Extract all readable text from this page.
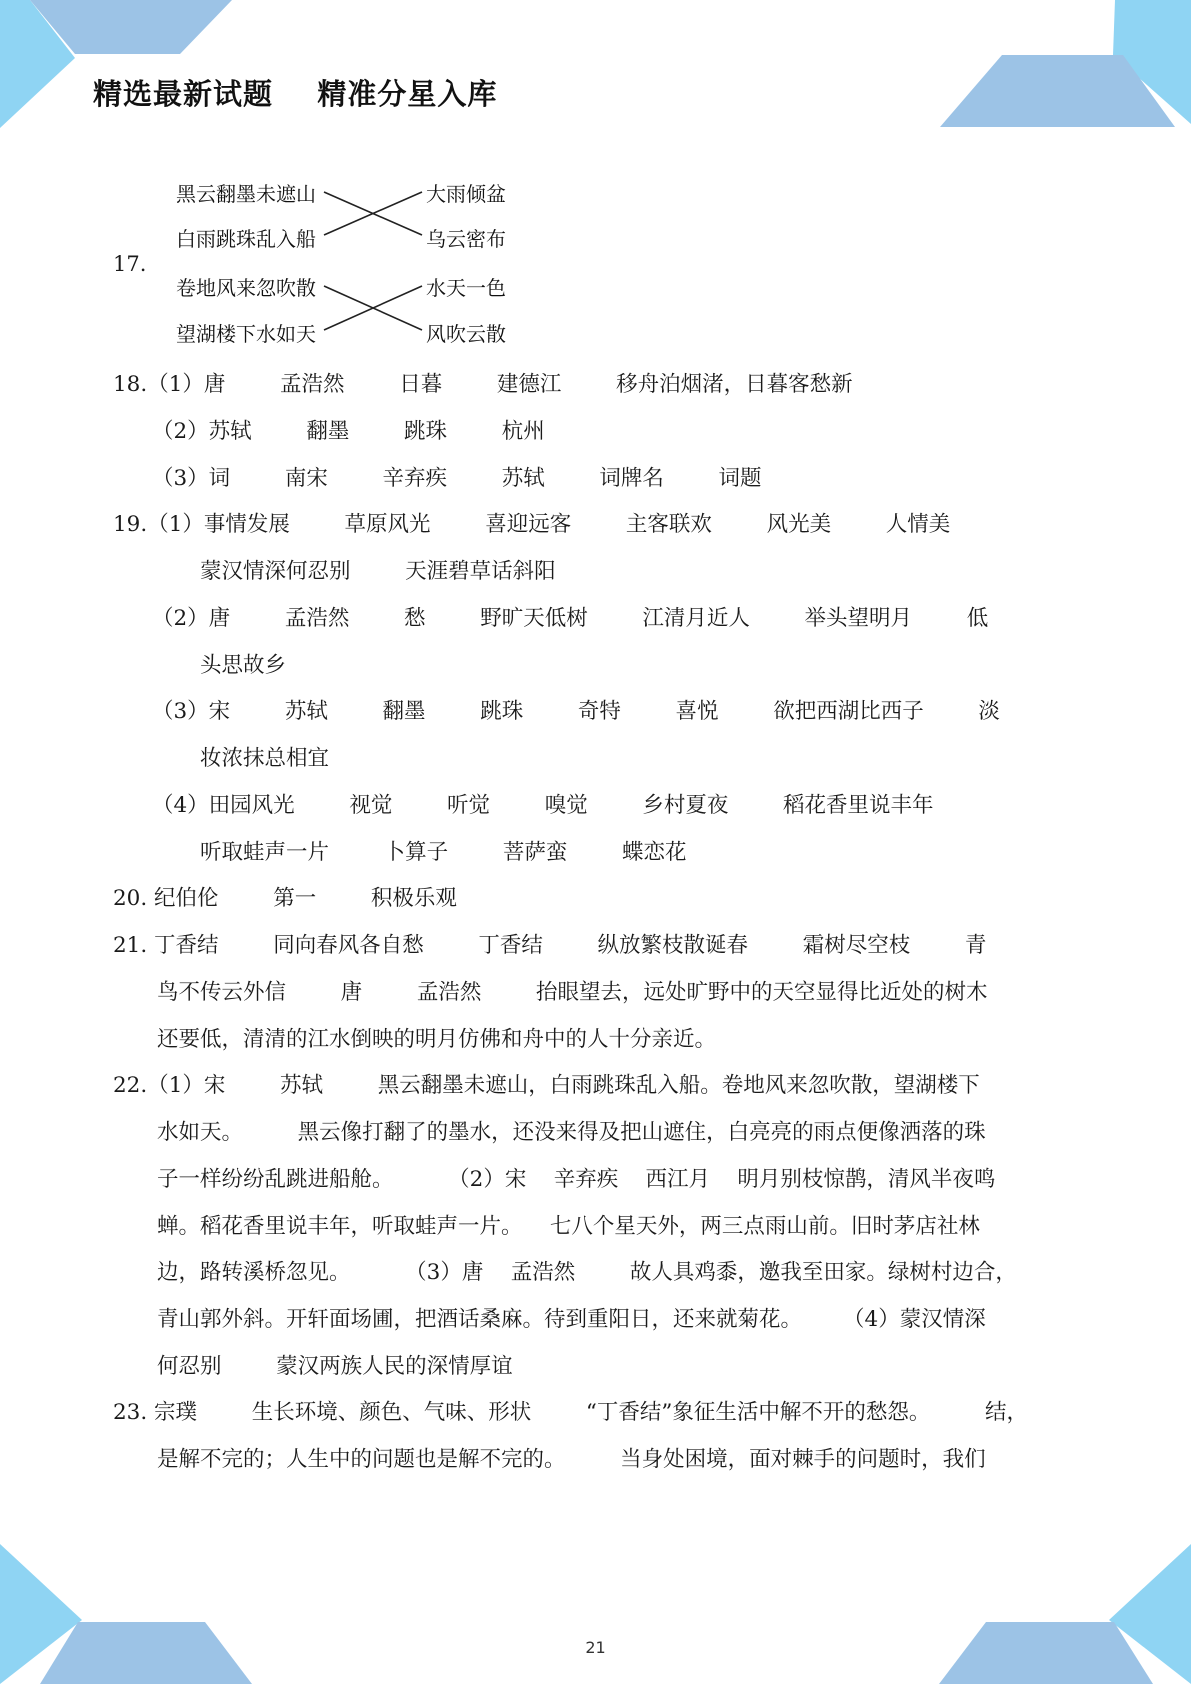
精选最新试题    精准分星入库
17.
黑云翻墨未遮山
白雨跳珠乱入船
卷地风来忽吹散
望湖楼下水如天
大雨倾盆
乌云密布
水天一色
风吹云散
18.（1）唐        孟浩然        日暮        建德江        移舟泊烟渚，日暮客愁新
（2）苏轼        翻墨        跳珠        杭州
（3）词        南宋        辛弃疾        苏轼        词牌名        词题
19.（1）事情发展        草原风光        喜迎远客        主客联欢        风光美        人情美
蒙汉情深何忍别        天涯碧草话斜阳
（2）唐        孟浩然        愁        野旷天低树        江清月近人        举头望明月        低
头思故乡
（3）宋        苏轼        翻墨        跳珠        奇特        喜悦        欲把西湖比西子        淡
妆浓抹总相宜
（4）田园风光        视觉        听觉        嗅觉        乡村夏夜        稻花香里说丰年
听取蛙声一片        卜算子        菩萨蛮        蝶恋花
20. 纪伯伦        第一        积极乐观
21. 丁香结        同向春风各自愁        丁香结        纵放繁枝散诞春        霜树尽空枝        青
鸟不传云外信        唐        孟浩然        抬眼望去，远处旷野中的天空显得比近处的树木
还要低，清清的江水倒映的明月仿佛和舟中的人十分亲近。
22.（1）宋        苏轼        黑云翻墨未遮山，白雨跳珠乱入船。卷地风来忽吹散，望湖楼下
水如天。        黑云像打翻了的墨水，还没来得及把山遮住，白亮亮的雨点便像洒落的珠
子一样纷纷乱跳进船舱。        （2）宋    辛弃疾    西江月    明月别枝惊鹊，清风半夜鸣
蝉。稻花香里说丰年，听取蛙声一片。    七八个星天外，两三点雨山前。旧时茅店社林
边，路转溪桥忽见。        （3）唐    孟浩然        故人具鸡黍，邀我至田家。绿树村边合，
青山郭外斜。开轩面场圃，把酒话桑麻。待到重阳日，还来就菊花。      （4）蒙汉情深
何忍别        蒙汉两族人民的深情厚谊
23. 宗璞        生长环境、颜色、气味、形状        “丁香结”象征生活中解不开的愁怨。        结，
是解不完的；人生中的问题也是解不完的。        当身处困境，面对棘手的问题时，我们
21
